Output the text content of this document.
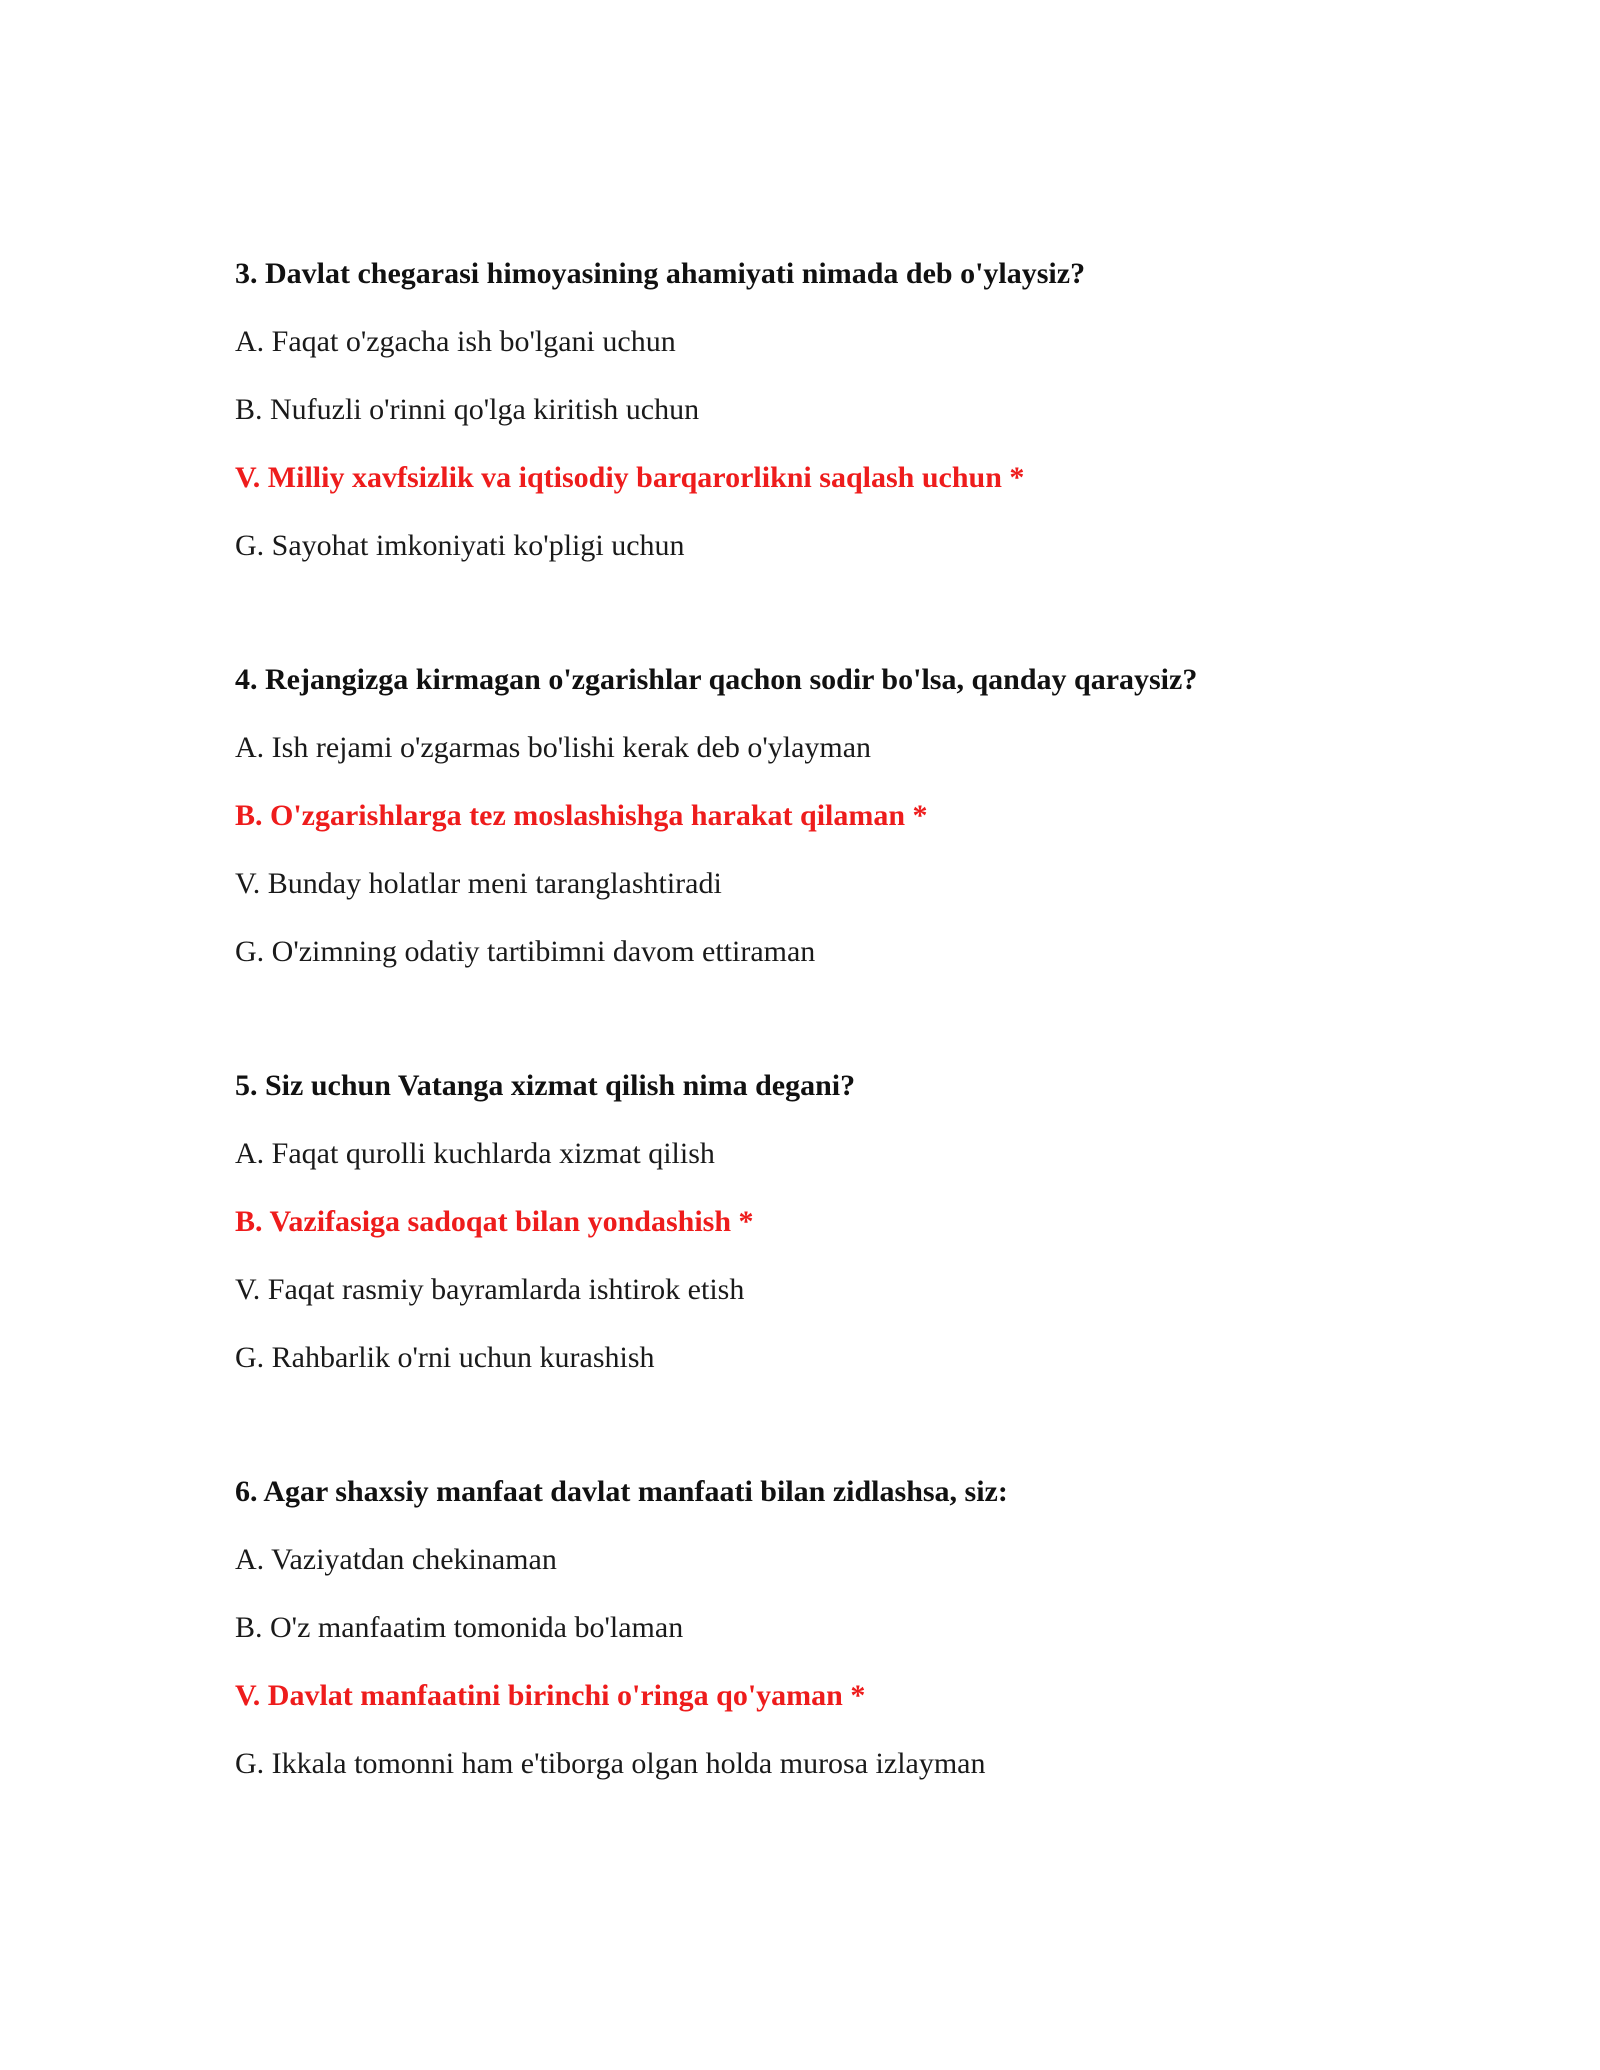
3. Davlat chegarasi himoyasining ahamiyati nimada deb o'ylaysiz?

A. Faqat o'zgacha ish bo'lgani uchun

B. Nufuzli o'rinni qo'lga kiritish uchun

V. Milliy xavfsizlik va iqtisodiy barqarorlikni saqlash uchun *

G. Sayohat imkoniyati ko'pligi uchun

4. Rejangizga kirmagan o'zgarishlar qachon sodir bo'lsa, qanday qaraysiz?

A. Ish rejami o'zgarmas bo'lishi kerak deb o'ylayman

B. O'zgarishlarga tez moslashishga harakat qilaman *

V. Bunday holatlar meni taranglashtiradi

G. O'zimning odatiy tartibimni davom ettiraman

5. Siz uchun Vatanga xizmat qilish nima degani?

A. Faqat qurolli kuchlarda xizmat qilish

B. Vazifasiga sadoqat bilan yondashish *

V. Faqat rasmiy bayramlarda ishtirok etish

G. Rahbarlik o'rni uchun kurashish

6. Agar shaxsiy manfaat davlat manfaati bilan zidlashsa, siz:

A. Vaziyatdan chekinaman

B. O'z manfaatim tomonida bo'laman

V. Davlat manfaatini birinchi o'ringa qo'yaman *

G. Ikkala tomonni ham e'tiborga olgan holda murosa izlayman
